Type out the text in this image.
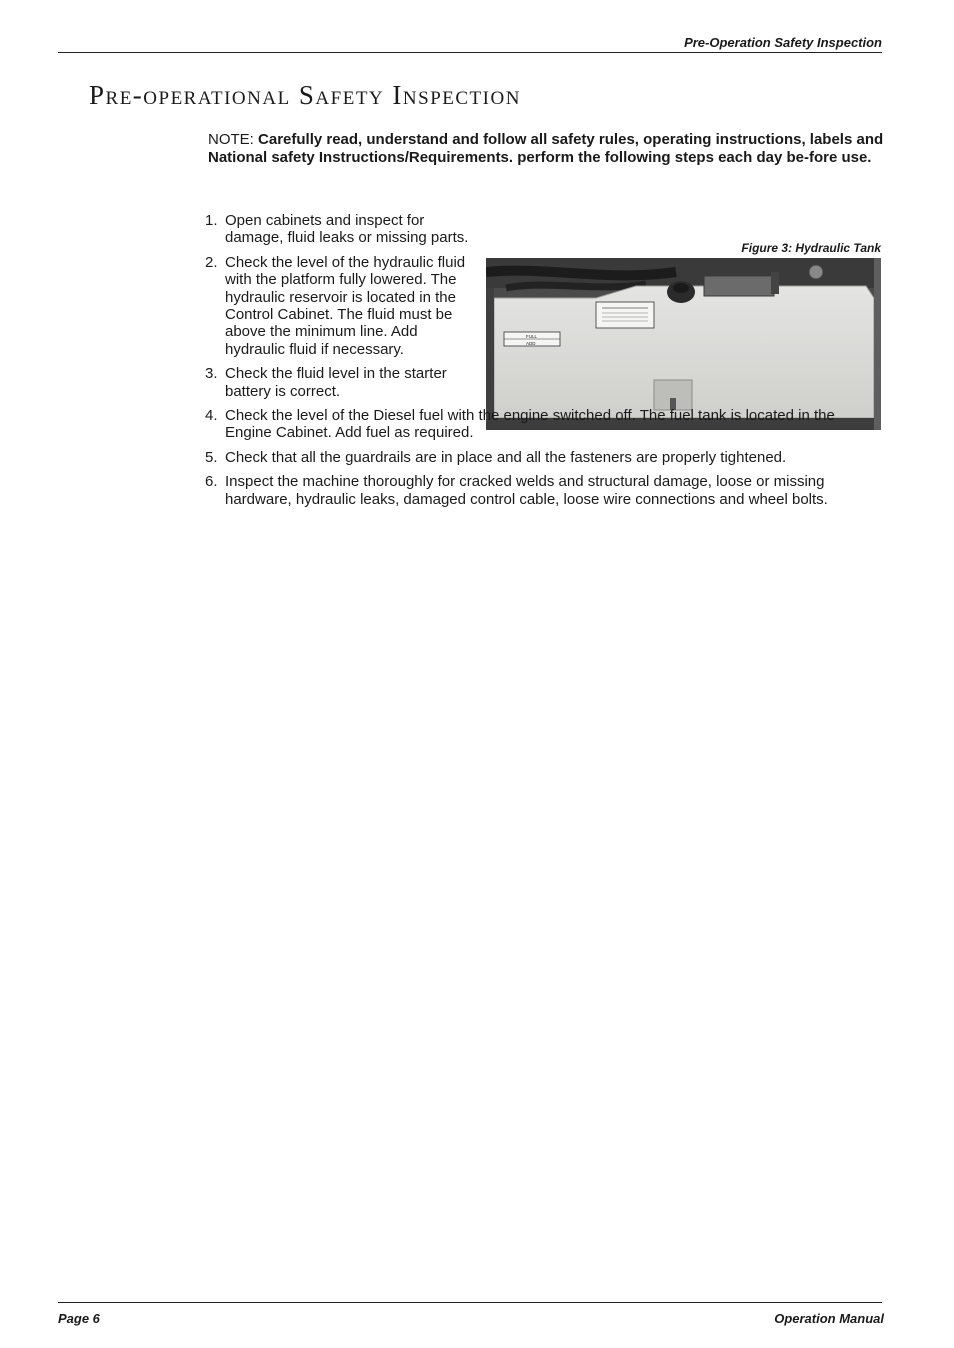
Pre-Operation Safety Inspection
Pre-operational Safety Inspection

NOTE: Carefully read, understand and follow all safety rules, operating instructions, labels and National safety Instructions/Requirements. perform the following steps each day be-fore use.

Figure 3: Hydraulic Tank
FULL
ADD
1. Open cabinets and inspect for damage, fluid leaks or missing parts.
2. Check the level of the hydraulic fluid with the platform fully lowered. The hydraulic reservoir is located in the Control Cabinet. The fluid must be above the minimum line. Add hydraulic fluid if necessary.
3. Check the fluid level in the starter battery is correct.
4. Check the level of the Diesel fuel with the engine switched off. The fuel tank is located in the Engine Cabinet. Add fuel as required.
5. Check that all the guardrails are in place and all the fasteners are properly tightened.
6. Inspect the machine thoroughly for cracked welds and structural damage, loose or missing hardware, hydraulic leaks, damaged control cable, loose wire connections and wheel bolts.
Page 6	Operation Manual
